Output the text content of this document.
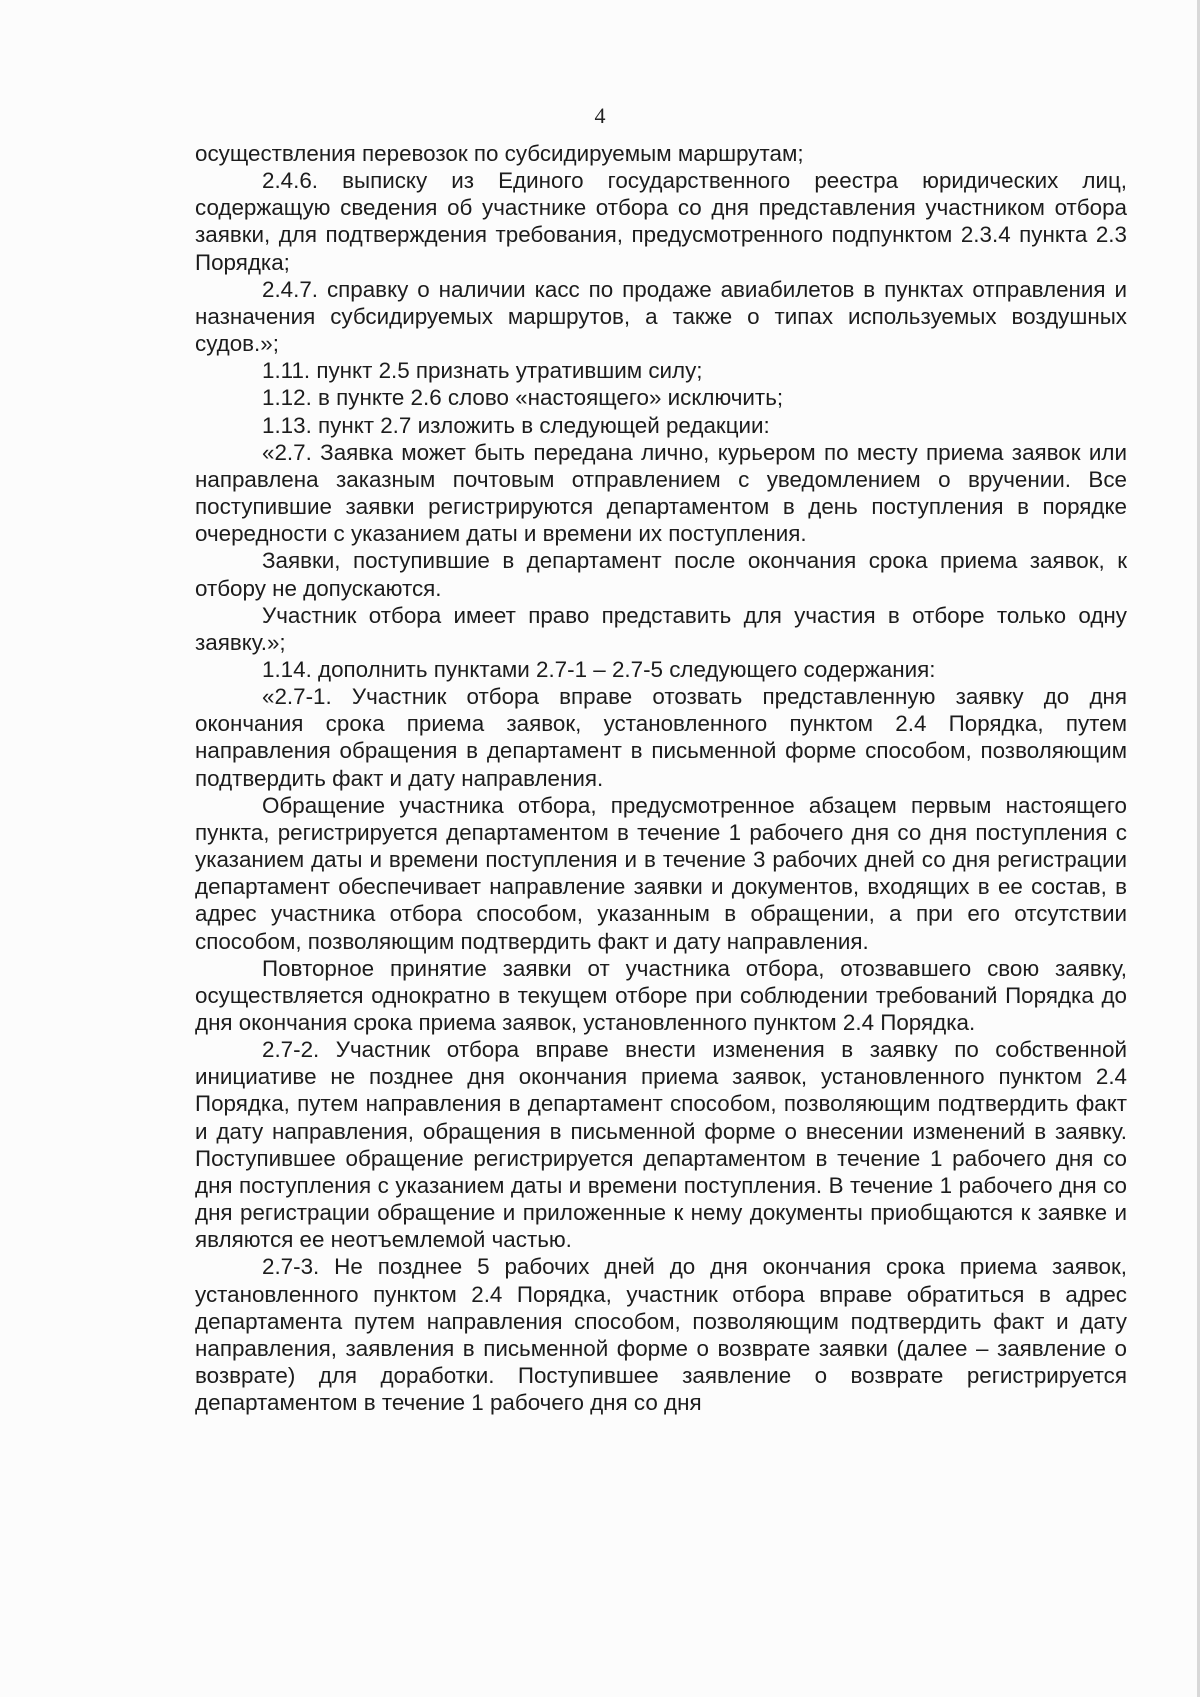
4

осуществления перевозок по субсидируемым маршрутам;

2.4.6. выписку из Единого государственного реестра юридических лиц, содержащую сведения об участнике отбора со дня представления участником отбора заявки, для подтверждения требования, предусмотренного подпунктом 2.3.4 пункта 2.3 Порядка;

2.4.7. справку о наличии касс по продаже авиабилетов в пунктах отправления и назначения субсидируемых маршрутов, а также о типах используемых воздушных судов.»;

1.11. пункт 2.5 признать утратившим силу;

1.12. в пункте 2.6 слово «настоящего» исключить;

1.13. пункт 2.7 изложить в следующей редакции:

«2.7. Заявка может быть передана лично, курьером по месту приема заявок или направлена заказным почтовым отправлением с уведомлением о вручении. Все поступившие заявки регистрируются департаментом в день поступления в порядке очередности с указанием даты и времени их поступления.

Заявки, поступившие в департамент после окончания срока приема заявок, к отбору не допускаются.

Участник отбора имеет право представить для участия в отборе только одну заявку.»;

1.14. дополнить пунктами 2.7-1 – 2.7-5 следующего содержания:

«2.7-1. Участник отбора вправе отозвать представленную заявку до дня окончания срока приема заявок, установленного пунктом 2.4 Порядка, путем направления обращения в департамент в письменной форме способом, позволяющим подтвердить факт и дату направления.

Обращение участника отбора, предусмотренное абзацем первым настоящего пункта, регистрируется департаментом в течение 1 рабочего дня со дня поступления с указанием даты и времени поступления и в течение 3 рабочих дней со дня регистрации департамент обеспечивает направление заявки и документов, входящих в ее состав, в адрес участника отбора способом, указанным в обращении, а при его отсутствии способом, позволяющим подтвердить факт и дату направления.

Повторное принятие заявки от участника отбора, отозвавшего свою заявку, осуществляется однократно в текущем отборе при соблюдении требований Порядка до дня окончания срока приема заявок, установленного пунктом 2.4 Порядка.

2.7-2. Участник отбора вправе внести изменения в заявку по собственной инициативе не позднее дня окончания приема заявок, установленного пунктом 2.4 Порядка, путем направления в департамент способом, позволяющим подтвердить факт и дату направления, обращения в письменной форме о внесении изменений в заявку. Поступившее обращение регистрируется департаментом в течение 1 рабочего дня со дня поступления с указанием даты и времени поступления. В течение 1 рабочего дня со дня регистрации обращение и приложенные к нему документы приобщаются к заявке и являются ее неотъемлемой частью.

2.7-3. Не позднее 5 рабочих дней до дня окончания срока приема заявок, установленного пунктом 2.4 Порядка, участник отбора вправе обратиться в адрес департамента путем направления способом, позволяющим подтвердить факт и дату направления, заявления в письменной форме о возврате заявки (далее – заявление о возврате) для доработки. Поступившее заявление о возврате регистрируется департаментом в течение 1 рабочего дня со дня
